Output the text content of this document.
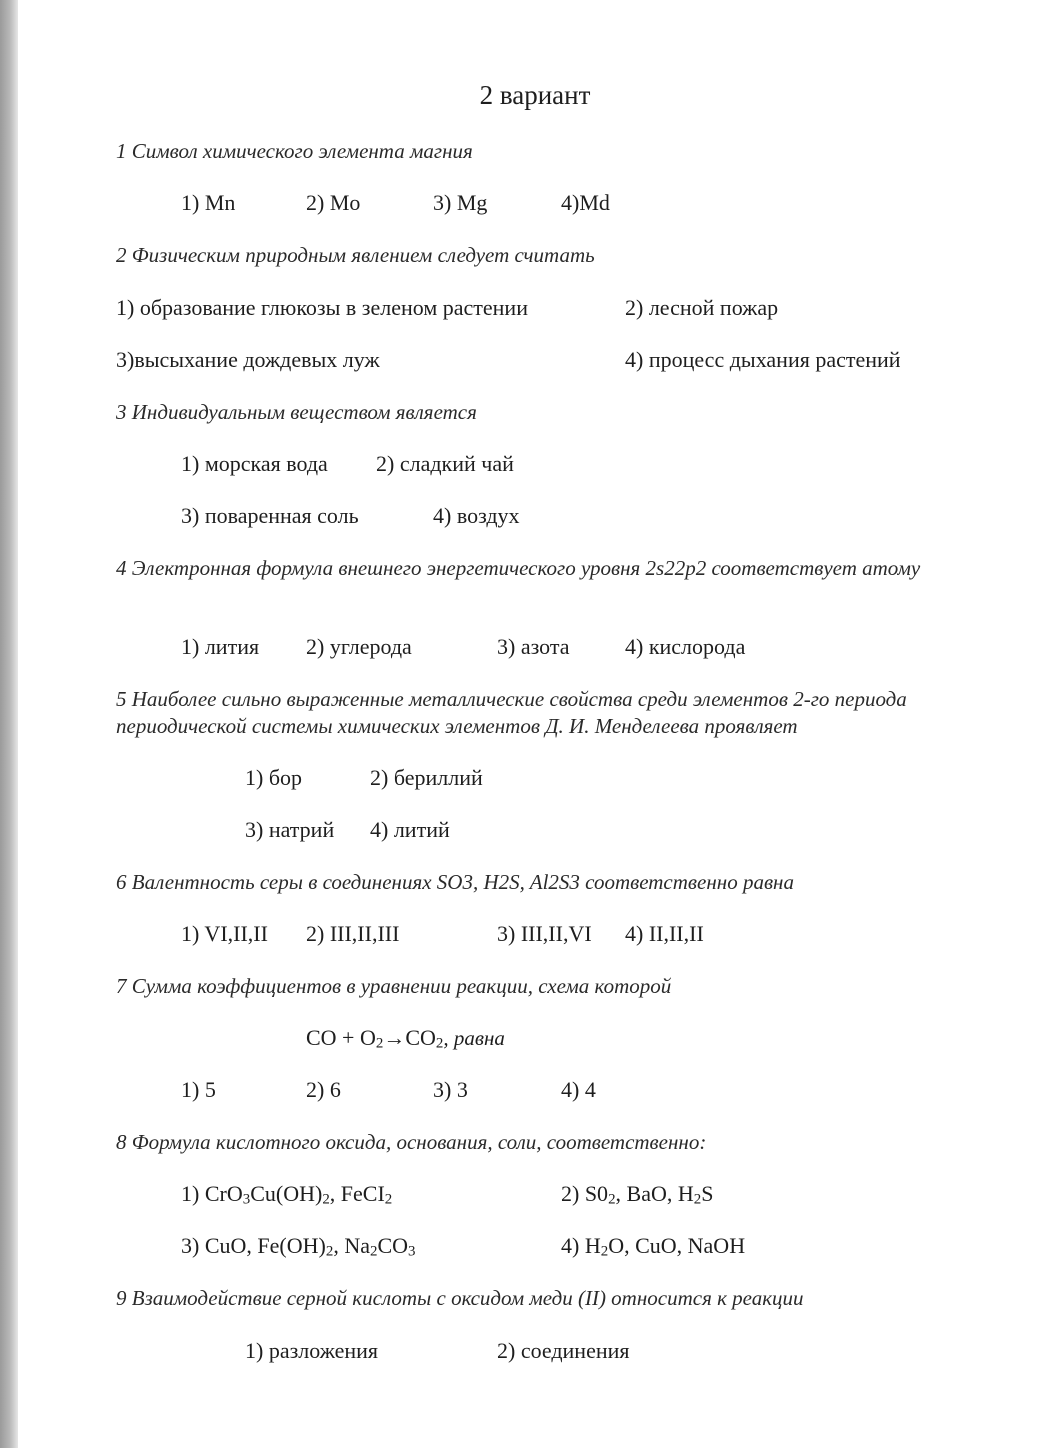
2 вариант
1 Символ химического элемента магния
1) Mn	2) Mo	3) Mg	4)Md
2 Физическим природным явлением следует считать
1) образование глюкозы в зеленом растении	2) лесной пожар
3)высыхание дождевых луж	4) процесс дыхания растений
3 Индивидуальным веществом является
1) морская вода 2) сладкий чай
3) поваренная соль	4) воздух
4 Электронная формула внешнего энергетического уровня 2s22p2 соответствует атому
1) лития 2) углерода	3) азота	4) кислорода
5 Наиболее сильно выраженные металлические свойства среди элементов 2-го периода периодической системы химических элементов Д. И. Менделеева проявляет
1) бор	2) бериллий
3) натрий 4) литий
6 Валентность серы в соединениях SO3, H2S, Al2S3 соответственно равна
1) VI,II,II 2) III,II,III	3) III,II,VI 4) II,II,II
7 Сумма коэффициентов в уравнении реакции, схема которой
CO + $O_2\to CO_2$, равна
1) 5	2) 6	3) 3	4) 4
8 Формула кислотного оксида, основания, соли, соответственно:
1) $CrO_3Cu(OH)_2$, FeCI$_2$	2) $S0_2$, BaO, $H_2S$
3) CuO, $Fe(OH)_2$, $Na_2CO_3$	4) $H_2O$, CuO, NaOH
9 Взаимодействие серной кислоты с оксидом меди (II) относится к реакции
1) разложения	2) соединения
